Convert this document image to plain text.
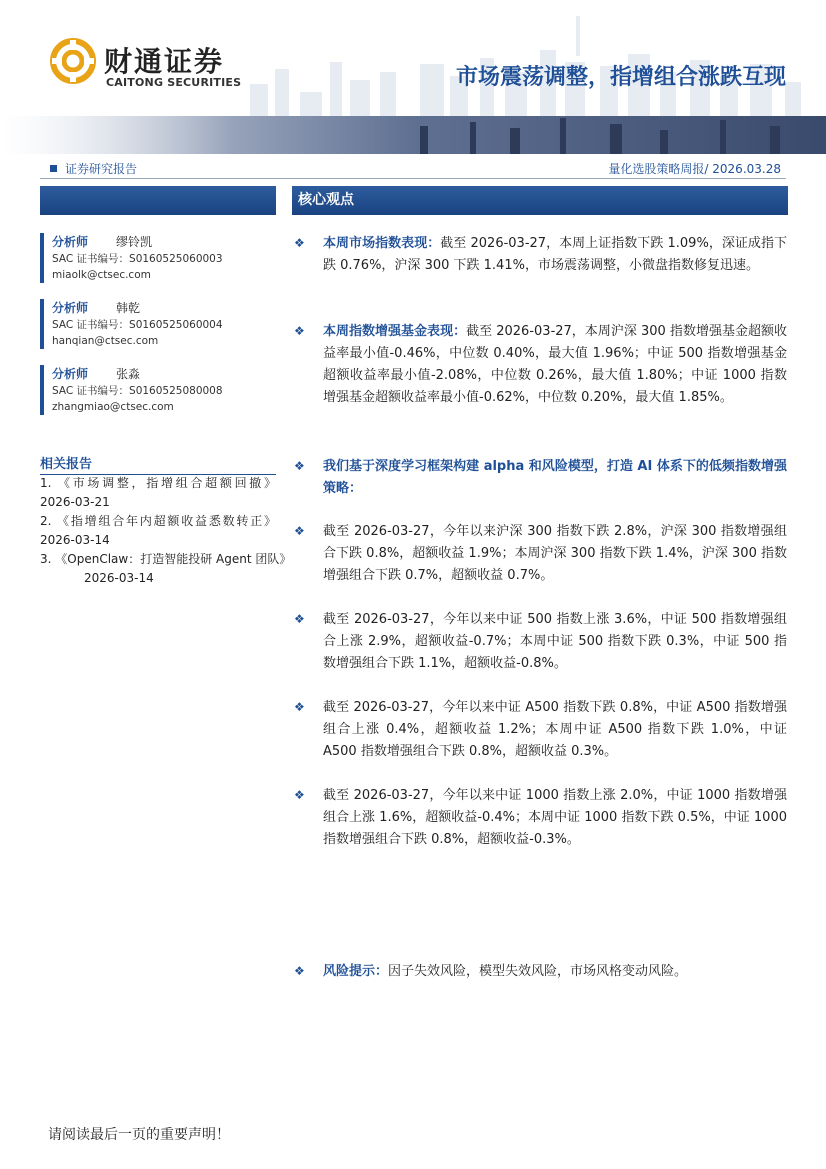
财通证券
CAITONG SECURITIES	市场震荡调整，指增组合涨跌互现
证券研究报告	量化选股策略周报/ 2026.03.28
分析师 缪铃凯
SAC 证书编号：S0160525060003
miaolk@ctsec.com
分析师 韩乾
SAC 证书编号：S0160525060004
hanqian@ctsec.com
分析师 张淼
SAC 证书编号：S0160525080008
zhangmiao@ctsec.com
相关报告
1. 《市场调整，指增组合超额回撤》
2026-03-21
2. 《指增组合年内超额收益悉数转正》
2026-03-14
3. 《OpenClaw：打造智能投研 Agent 团队》
2026-03-14
核心观点
❖ 本周市场指数表现：截至 2026-03-27，本周上证指数下跌 1.09%，深证成指下跌 0.76%，沪深 300 下跌 1.41%，市场震荡调整，小微盘指数修复迅速。
❖ 本周指数增强基金表现：截至 2026-03-27，本周沪深 300 指数增强基金超额收益率最小值-0.46%，中位数 0.40%，最大值 1.96%；中证 500 指数增强基金超额收益率最小值-2.08%，中位数 0.26%，最大值 1.80%；中证 1000 指数增强基金超额收益率最小值-0.62%，中位数 0.20%，最大值 1.85%。
❖ 我们基于深度学习框架构建 alpha 和风险模型，打造 AI 体系下的低频指数增强策略：
❖ 截至 2026-03-27，今年以来沪深 300 指数下跌 2.8%，沪深 300 指数增强组合下跌 0.8%，超额收益 1.9%；本周沪深 300 指数下跌 1.4%，沪深 300 指数增强组合下跌 0.7%，超额收益 0.7%。
❖ 截至 2026-03-27，今年以来中证 500 指数上涨 3.6%，中证 500 指数增强组合上涨 2.9%，超额收益-0.7%；本周中证 500 指数下跌 0.3%，中证 500 指数增强组合下跌 1.1%，超额收益-0.8%。
❖ 截至 2026-03-27，今年以来中证 A500 指数下跌 0.8%，中证 A500 指数增强组合上涨 0.4%，超额收益 1.2%；本周中证 A500 指数下跌 1.0%，中证 A500 指数增强组合下跌 0.8%，超额收益 0.3%。
❖ 截至 2026-03-27，今年以来中证 1000 指数上涨 2.0%，中证 1000 指数增强组合上涨 1.6%，超额收益-0.4%；本周中证 1000 指数下跌 0.5%，中证 1000 指数增强组合下跌 0.8%，超额收益-0.3%。
❖ 风险提示：因子失效风险，模型失效风险，市场风格变动风险。
请阅读最后一页的重要声明！
